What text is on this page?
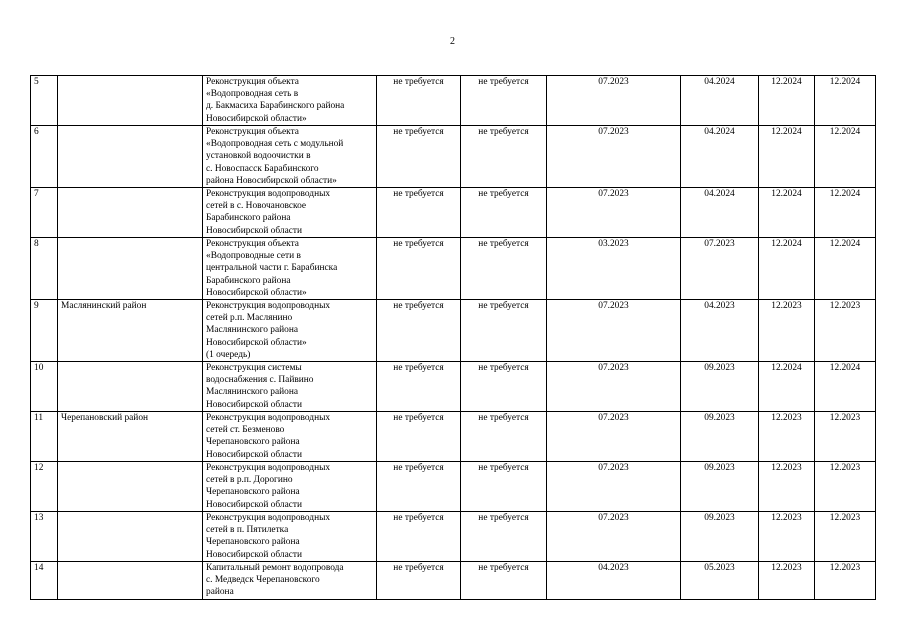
2
5		Реконструкция объекта
«Водопроводная сеть в
д. Бакмасиха Барабинского района
Новосибирской области»	не требуется	не требуется	07.2023	04.2024	12.2024	12.2024
6		Реконструкция объекта
«Водопроводная сеть с модульной
установкой водоочистки в
с. Новоспасск Барабинского
района Новосибирской области»	не требуется	не требуется	07.2023	04.2024	12.2024	12.2024
7		Реконструкция водопроводных
сетей в с. Новочановское
Барабинского района
Новосибирской области	не требуется	не требуется	07.2023	04.2024	12.2024	12.2024
8		Реконструкция объекта
«Водопроводные сети в
центральной части г. Барабинска
Барабинского района
Новосибирской области»	не требуется	не требуется	03.2023	07.2023	12.2024	12.2024
9	Маслянинский район	Реконструкция водопроводных
сетей р.п. Маслянино
Маслянинского района
Новосибирской области»
(1 очередь)	не требуется	не требуется	07.2023	04.2023	12.2023	12.2023
10		Реконструкция системы
водоснабжения с. Пайвино
Маслянинского района
Новосибирской области	не требуется	не требуется	07.2023	09.2023	12.2024	12.2024
11	Черепановский район	Реконструкция водопроводных
сетей ст. Безменово
Черепановского района
Новосибирской области	не требуется	не требуется	07.2023	09.2023	12.2023	12.2023
12		Реконструкция водопроводных
сетей в р.п. Дорогино
Черепановского района
Новосибирской области	не требуется	не требуется	07.2023	09.2023	12.2023	12.2023
13		Реконструкция водопроводных
сетей в п. Пятилетка
Черепановского района
Новосибирской области	не требуется	не требуется	07.2023	09.2023	12.2023	12.2023
14		Капитальный ремонт водопровода
с. Медведск Черепановского
района	не требуется	не требуется	04.2023	05.2023	12.2023	12.2023
